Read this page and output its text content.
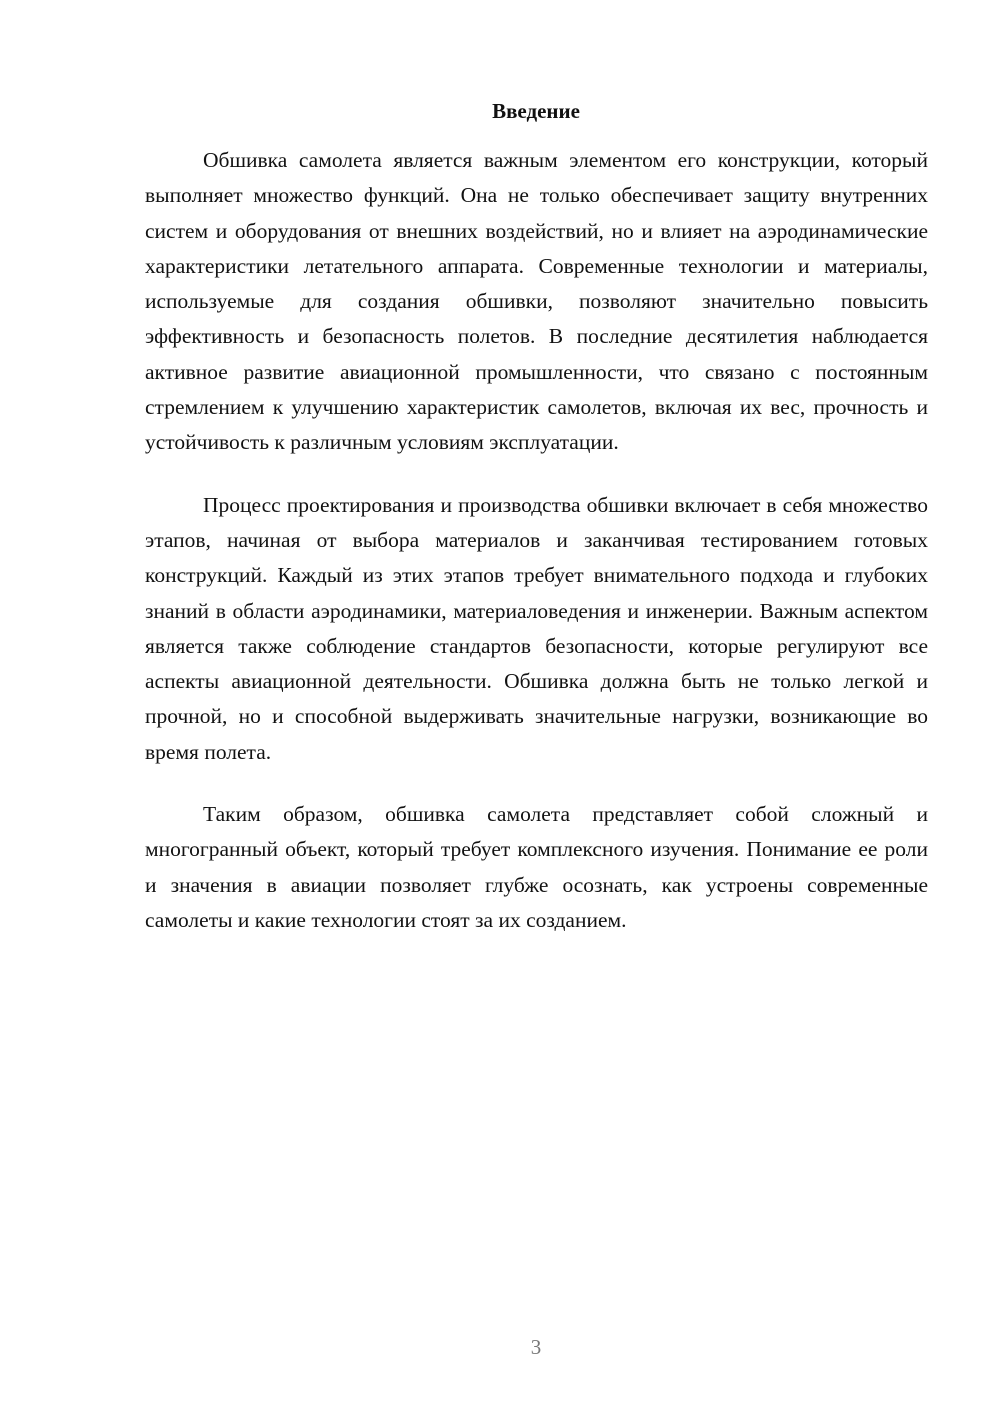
Введение

Обшивка самолета является важным элементом его конструкции, который выполняет множество функций. Она не только обеспечивает защиту внутренних систем и оборудования от внешних воздействий, но и влияет на аэродинамические характеристики летательного аппарата. Современные технологии и материалы, используемые для создания обшивки, позволяют значительно повысить эффективность и безопасность полетов. В последние десятилетия наблюдается активное развитие авиационной промышленности, что связано с постоянным стремлением к улучшению характеристик самолетов, включая их вес, прочность и устойчивость к различным условиям эксплуатации.

Процесс проектирования и производства обшивки включает в себя множество этапов, начиная от выбора материалов и заканчивая тестированием готовых конструкций. Каждый из этих этапов требует внимательного подхода и глубоких знаний в области аэродинамики, материаловедения и инженерии. Важным аспектом является также соблюдение стандартов безопасности, которые регулируют все аспекты авиационной деятельности. Обшивка должна быть не только легкой и прочной, но и способной выдерживать значительные нагрузки, возникающие во время полета.

Таким образом, обшивка самолета представляет собой сложный и многогранный объект, который требует комплексного изучения. Понимание ее роли и значения в авиации позволяет глубже осознать, как устроены современные самолеты и какие технологии стоят за их созданием.

3
